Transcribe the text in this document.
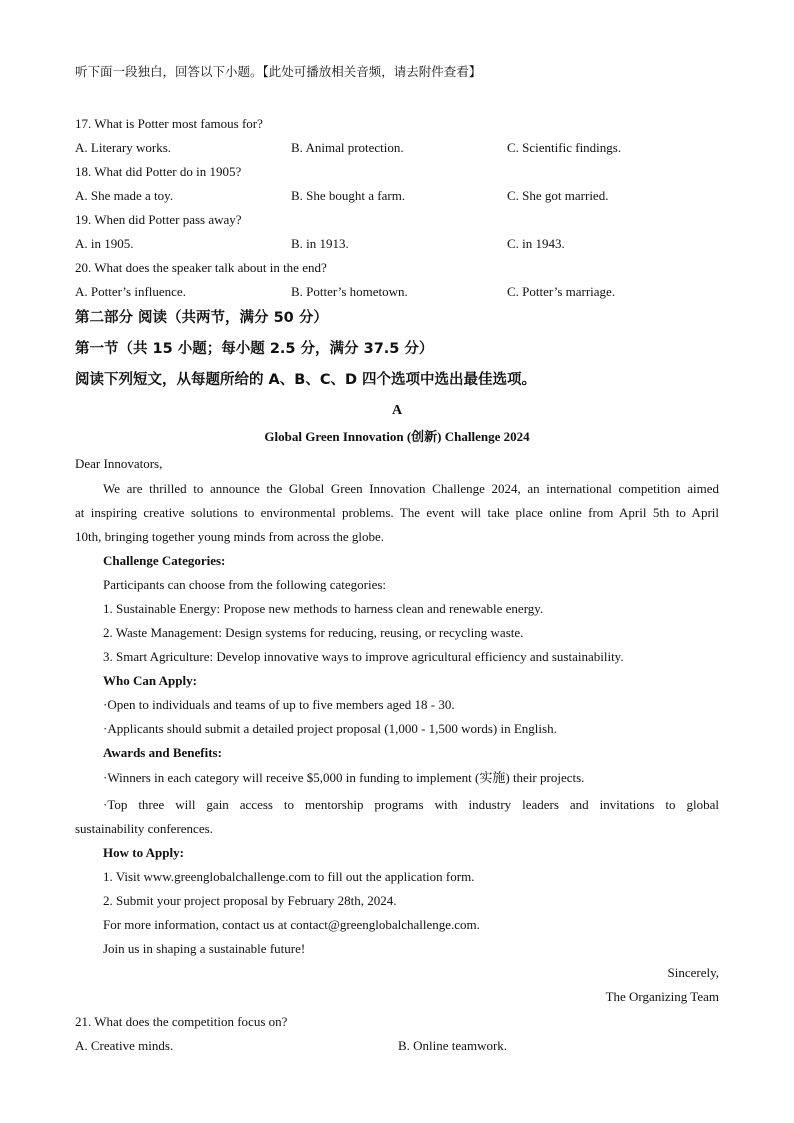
听下面一段独白，回答以下小题。【此处可播放相关音频，请去附件查看】
17. What is Potter most famous for?
A. Literary works.	B. Animal protection.	C. Scientific findings.
18. What did Potter do in 1905?
A. She made a toy.	B. She bought a farm.	C. She got married.
19. When did Potter pass away?
A. in 1905.	B. in 1913.	C. in 1943.
20. What does the speaker talk about in the end?
A. Potter’s influence.	B. Potter’s hometown.	C. Potter’s marriage.
第二部分 阅读（共两节，满分 50 分）
第一节（共 15 小题；每小题 2.5 分，满分 37.5 分）
阅读下列短文，从每题所给的 A、B、C、D 四个选项中选出最佳选项。
A
Global Green Innovation (创新) Challenge 2024
Dear Innovators,
We are thrilled to announce the Global Green Innovation Challenge 2024, an international competition aimed
at inspiring creative solutions to environmental problems. The event will take place online from April 5th to April
10th, bringing together young minds from across the globe.
Challenge Categories:
Participants can choose from the following categories:
1. Sustainable Energy: Propose new methods to harness clean and renewable energy.
2. Waste Management: Design systems for reducing, reusing, or recycling waste.
3. Smart Agriculture: Develop innovative ways to improve agricultural efficiency and sustainability.
Who Can Apply:
·Open to individuals and teams of up to five members aged 18 - 30.
·Applicants should submit a detailed project proposal (1,000 - 1,500 words) in English.
Awards and Benefits:
·Winners in each category will receive $5,000 in funding to implement (实施) their projects.
·Top three will gain access to mentorship programs with industry leaders and invitations to global
sustainability conferences.
How to Apply:
1. Visit www.greenglobalchallenge.com to fill out the application form.
2. Submit your project proposal by February 28th, 2024.
For more information, contact us at contact@greenglobalchallenge.com.
Join us in shaping a sustainable future!
Sincerely,
The Organizing Team
21. What does the competition focus on?
A. Creative minds.	B. Online teamwork.
